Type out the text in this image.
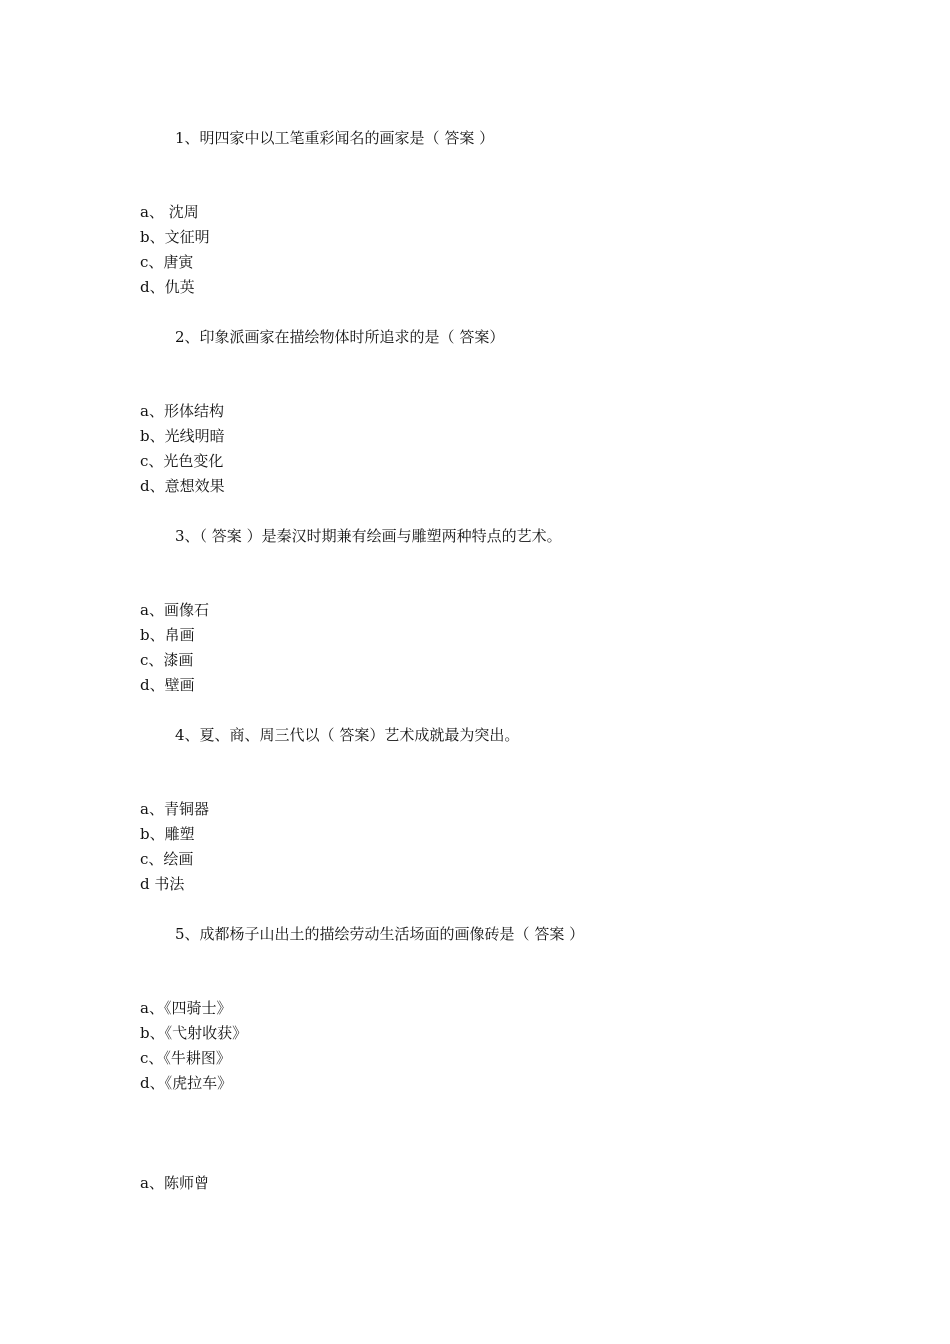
1、明四家中以工笔重彩闻名的画家是（ 答案 ）
a、 沈周
b、文征明
c、唐寅
d、仇英
2、印象派画家在描绘物体时所追求的是（ 答案）
a、形体结构
b、光线明暗
c、光色变化
d、意想效果
3、（ 答案 ）是秦汉时期兼有绘画与雕塑两种特点的艺术。
a、画像石
b、帛画
c、漆画
d、壁画
4、夏、商、周三代以（ 答案）艺术成就最为突出。
a、青铜器
b、雕塑
c、绘画
d 书法
5、成都杨子山出土的描绘劳动生活场面的画像砖是（ 答案 ）
a、《四骑士》
b、《弋射收获》
c、《牛耕图》
d、《虎拉车》
a、陈师曾
